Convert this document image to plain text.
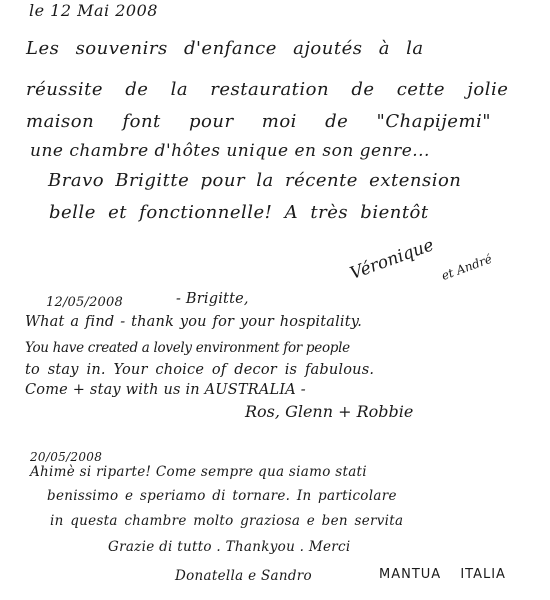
le 12 Mai 2008
Les souvenirs d'enfance ajoutés à la
réussite de la restauration de cette jolie
maison font pour moi de "Chapijemi"
une chambre d'hôtes unique en son genre...
Bravo Brigitte pour la récente extension
belle et fonctionnelle! A très bientôt
Véronique et André
12/05/2008	- Brigitte,
What a find - thank you for your hospitality.
You have created a lovely environment for people
to stay in. Your choice of decor is fabulous.
Come + stay with us in AUSTRALIA -
Ros, Glenn + Robbie
20/05/2008
Ahimè si riparte! Come sempre qua siamo stati
benissimo e speriamo di tornare. In particolare
in questa chambre molto graziosa e ben servita
Grazie di tutto . Thankyou . Merci
Donatella e Sandro	MANTUA ITALIA
